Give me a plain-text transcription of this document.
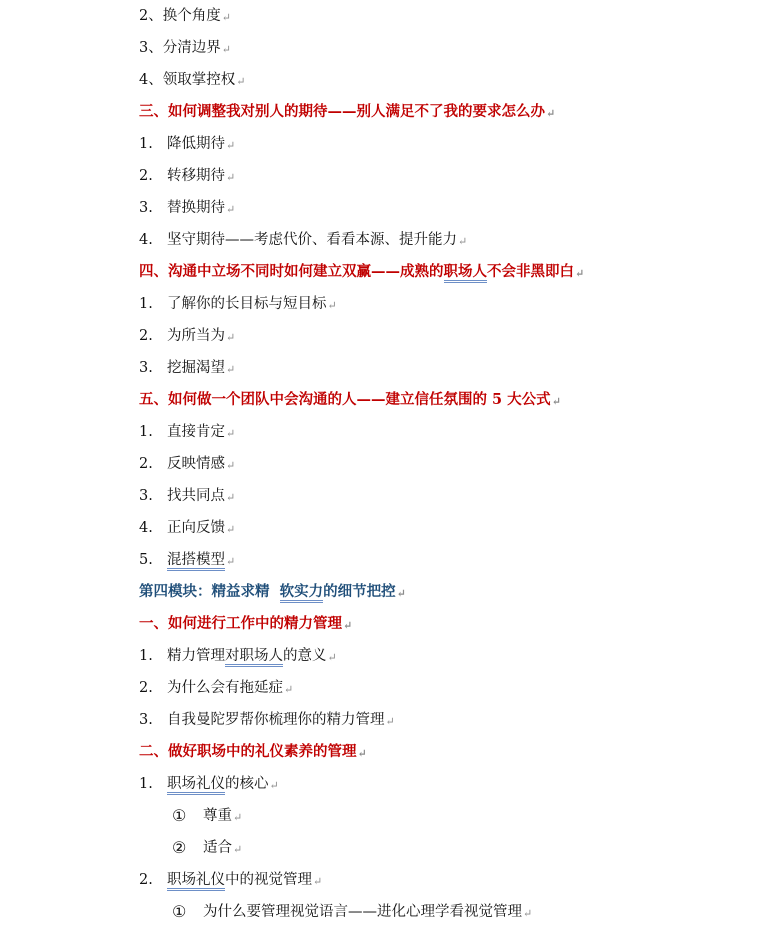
2、换个角度↵
3、分清边界↵
4、领取掌控权↵
三、如何调整我对别人的期待——别人满足不了我的要求怎么办↵
1. 降低期待↵
2. 转移期待↵
3. 替换期待↵
4. 坚守期待——考虑代价、看看本源、提升能力↵
四、沟通中立场不同时如何建立双赢——成熟的职场人不会非黑即白↵
1. 了解你的长目标与短目标↵
2. 为所当为↵
3. 挖掘渴望↵
五、如何做一个团队中会沟通的人——建立信任氛围的 5 大公式↵
1. 直接肯定↵
2. 反映情感↵
3. 找共同点↵
4. 正向反馈↵
5. 混搭模型↵
第四模块：精益求精  软实力的细节把控↵
一、如何进行工作中的精力管理↵
1. 精力管理对职场人的意义↵
2. 为什么会有拖延症↵
3. 自我曼陀罗帮你梳理你的精力管理↵
二、做好职场中的礼仪素养的管理↵
1. 职场礼仪的核心↵
① 尊重↵
② 适合↵
2. 职场礼仪中的视觉管理↵
① 为什么要管理视觉语言——进化心理学看视觉管理↵
